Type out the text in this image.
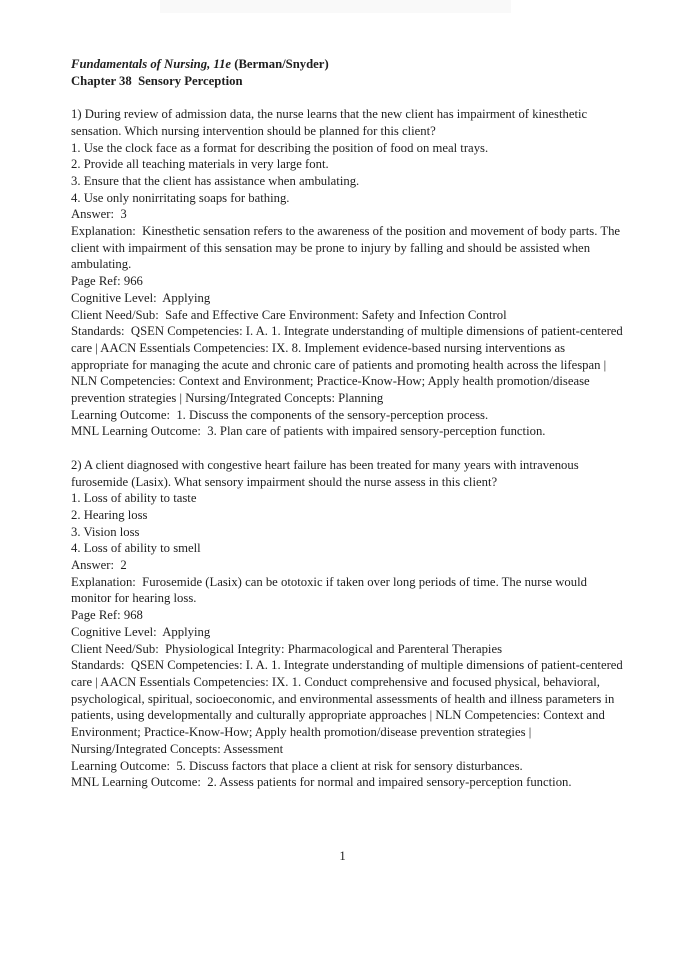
Fundamentals of Nursing, 11e (Berman/Snyder)
Chapter 38  Sensory Perception
1) During review of admission data, the nurse learns that the new client has impairment of kinesthetic sensation. Which nursing intervention should be planned for this client?
1. Use the clock face as a format for describing the position of food on meal trays.
2. Provide all teaching materials in very large font.
3. Ensure that the client has assistance when ambulating.
4. Use only nonirritating soaps for bathing.
Answer:  3
Explanation:  Kinesthetic sensation refers to the awareness of the position and movement of body parts. The client with impairment of this sensation may be prone to injury by falling and should be assisted when ambulating.
Page Ref: 966
Cognitive Level:  Applying
Client Need/Sub:  Safe and Effective Care Environment: Safety and Infection Control
Standards:  QSEN Competencies: I. A. 1. Integrate understanding of multiple dimensions of patient-centered care | AACN Essentials Competencies: IX. 8. Implement evidence-based nursing interventions as appropriate for managing the acute and chronic care of patients and promoting health across the lifespan | NLN Competencies: Context and Environment; Practice-Know-How; Apply health promotion/disease prevention strategies | Nursing/Integrated Concepts: Planning
Learning Outcome:  1. Discuss the components of the sensory-perception process.
MNL Learning Outcome:  3. Plan care of patients with impaired sensory-perception function.
2) A client diagnosed with congestive heart failure has been treated for many years with intravenous furosemide (Lasix). What sensory impairment should the nurse assess in this client?
1. Loss of ability to taste
2. Hearing loss
3. Vision loss
4. Loss of ability to smell
Answer:  2
Explanation:  Furosemide (Lasix) can be ototoxic if taken over long periods of time. The nurse would monitor for hearing loss.
Page Ref: 968
Cognitive Level:  Applying
Client Need/Sub:  Physiological Integrity: Pharmacological and Parenteral Therapies
Standards:  QSEN Competencies: I. A. 1. Integrate understanding of multiple dimensions of patient-centered care | AACN Essentials Competencies: IX. 1. Conduct comprehensive and focused physical, behavioral, psychological, spiritual, socioeconomic, and environmental assessments of health and illness parameters in patients, using developmentally and culturally appropriate approaches | NLN Competencies: Context and Environment; Practice-Know-How; Apply health promotion/disease prevention strategies | Nursing/Integrated Concepts: Assessment
Learning Outcome:  5. Discuss factors that place a client at risk for sensory disturbances.
MNL Learning Outcome:  2. Assess patients for normal and impaired sensory-perception function.
1
